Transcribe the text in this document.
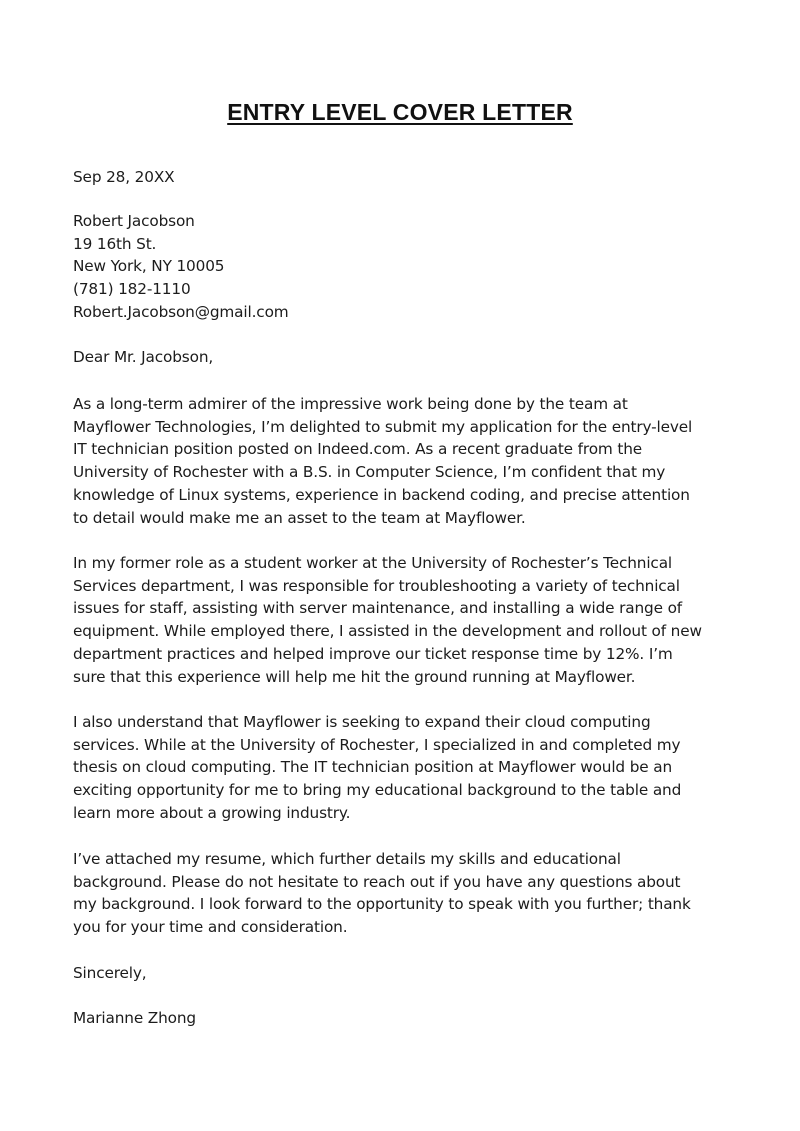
ENTRY LEVEL COVER LETTER
Sep 28, 20XX
Robert Jacobson
19 16th St.
New York, NY 10005
(781) 182-1110
Robert.Jacobson@gmail.com
Dear Mr. Jacobson,
As a long-term admirer of the impressive work being done by the team at
Mayflower Technologies, I’m delighted to submit my application for the entry-level
IT technician position posted on Indeed.com. As a recent graduate from the
University of Rochester with a B.S. in Computer Science, I’m confident that my
knowledge of Linux systems, experience in backend coding, and precise attention
to detail would make me an asset to the team at Mayflower.
In my former role as a student worker at the University of Rochester’s Technical
Services department, I was responsible for troubleshooting a variety of technical
issues for staff, assisting with server maintenance, and installing a wide range of
equipment. While employed there, I assisted in the development and rollout of new
department practices and helped improve our ticket response time by 12%. I’m
sure that this experience will help me hit the ground running at Mayflower.
I also understand that Mayflower is seeking to expand their cloud computing
services. While at the University of Rochester, I specialized in and completed my
thesis on cloud computing. The IT technician position at Mayflower would be an
exciting opportunity for me to bring my educational background to the table and
learn more about a growing industry.
I’ve attached my resume, which further details my skills and educational
background. Please do not hesitate to reach out if you have any questions about
my background. I look forward to the opportunity to speak with you further; thank
you for your time and consideration.
Sincerely,
Marianne Zhong
